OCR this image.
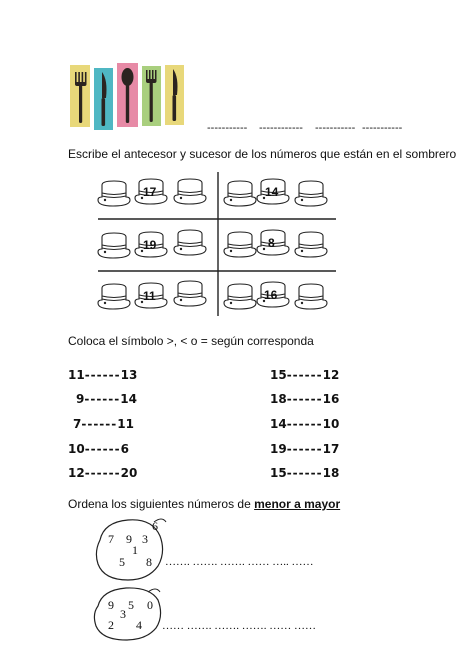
----------- ------------ ----------- -----------
Escribe el antecesor y sucesor de los números que están en el sombrero
17	14
19	8
11	16
Coloca el símbolo >, < o = según corresponda
11------13
9------14
7------11
10------6
12------20
15------12
18------16
14------10
19------17
15------18
Ordena los siguientes números de menor a mayor
6
7 9 3
1
5 8 ……. ……. ……. …… ….. ……
9 5 0
3
2 4 …… ……. ……. ……. …… ……
